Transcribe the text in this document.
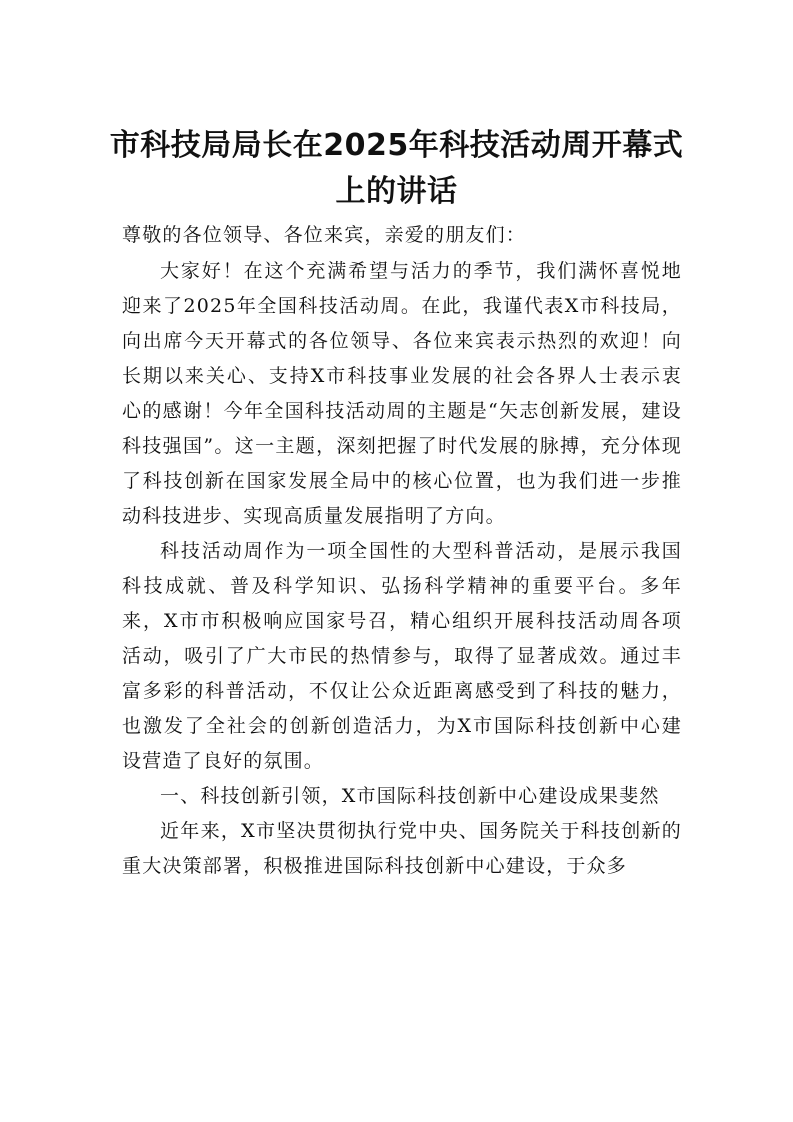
市科技局局长在2025年科技活动周开幕式
上的讲话

尊敬的各位领导、各位来宾，亲爱的朋友们：

大家好！在这个充满希望与活力的季节，我们满怀喜悦地迎来了2025年全国科技活动周。在此，我谨代表X市科技局，向出席今天开幕式的各位领导、各位来宾表示热烈的欢迎！向长期以来关心、支持X市科技事业发展的社会各界人士表示衷心的感谢！今年全国科技活动周的主题是“矢志创新发展，建设科技强国”。这一主题，深刻把握了时代发展的脉搏，充分体现了科技创新在国家发展全局中的核心位置，也为我们进一步推动科技进步、实现高质量发展指明了方向。

科技活动周作为一项全国性的大型科普活动，是展示我国科技成就、普及科学知识、弘扬科学精神的重要平台。多年来，X市市积极响应国家号召，精心组织开展科技活动周各项活动，吸引了广大市民的热情参与，取得了显著成效。通过丰富多彩的科普活动，不仅让公众近距离感受到了科技的魅力，也激发了全社会的创新创造活力，为X市国际科技创新中心建设营造了良好的氛围。

一、科技创新引领，X市国际科技创新中心建设成果斐然

近年来，X市坚决贯彻执行党中央、国务院关于科技创新的重大决策部署，积极推进国际科技创新中心建设，于众多
